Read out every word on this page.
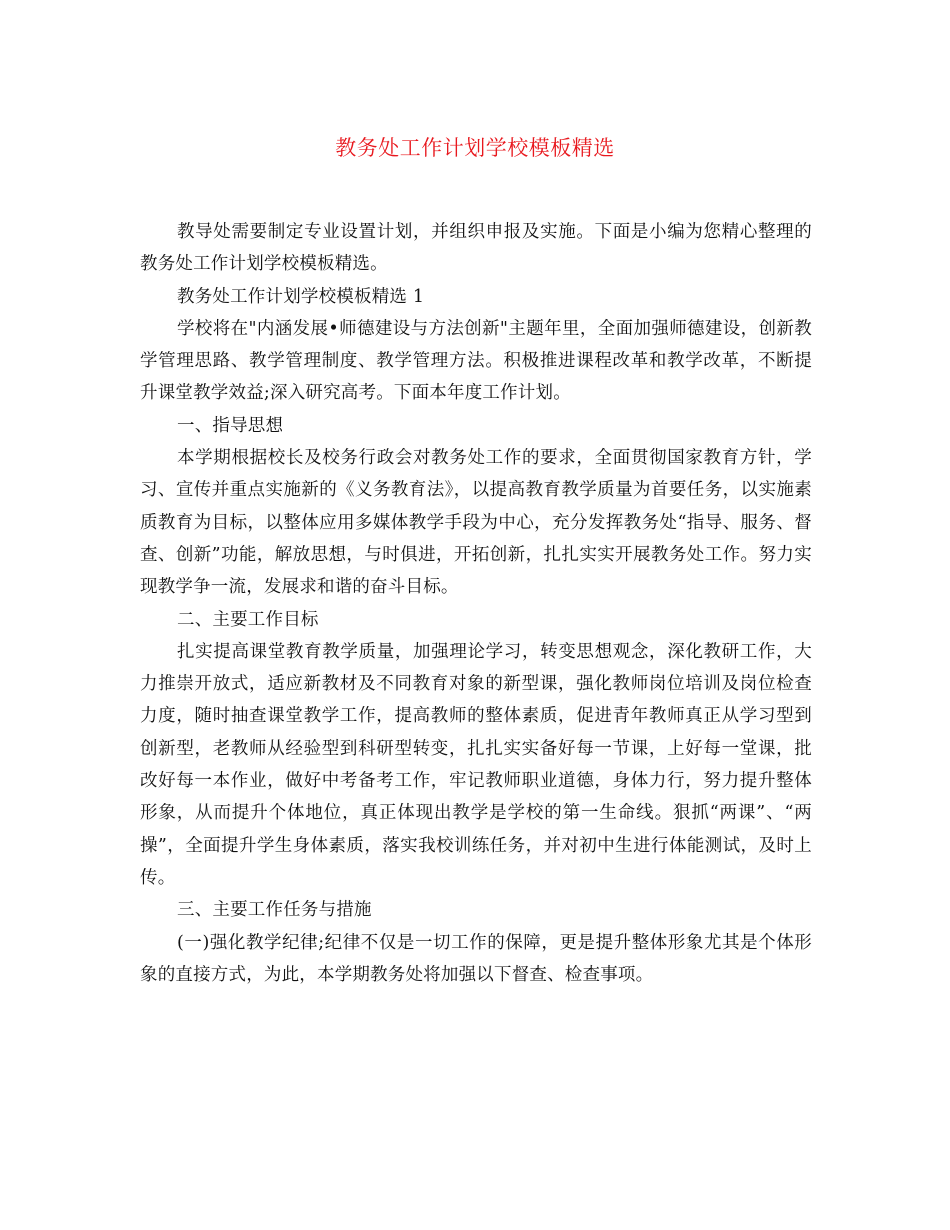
教务处工作计划学校模板精选

教导处需要制定专业设置计划，并组织申报及实施。下面是小编为您精心整理的教务处工作计划学校模板精选。

教务处工作计划学校模板精选 1

学校将在"内涵发展•师德建设与方法创新"主题年里，全面加强师德建设，创新教学管理思路、教学管理制度、教学管理方法。积极推进课程改革和教学改革，不断提升课堂教学效益;深入研究高考。下面本年度工作计划。

一、指导思想

本学期根据校长及校务行政会对教务处工作的要求，全面贯彻国家教育方针，学习、宣传并重点实施新的《义务教育法》，以提高教育教学质量为首要任务，以实施素质教育为目标，以整体应用多媒体教学手段为中心，充分发挥教务处“指导、服务、督查、创新”功能，解放思想，与时俱进，开拓创新，扎扎实实开展教务处工作。努力实现教学争一流，发展求和谐的奋斗目标。

二、主要工作目标

扎实提高课堂教育教学质量，加强理论学习，转变思想观念，深化教研工作，大力推崇开放式，适应新教材及不同教育对象的新型课，强化教师岗位培训及岗位检查力度，随时抽查课堂教学工作，提高教师的整体素质，促进青年教师真正从学习型到创新型，老教师从经验型到科研型转变，扎扎实实备好每一节课，上好每一堂课，批改好每一本作业，做好中考备考工作，牢记教师职业道德，身体力行，努力提升整体形象，从而提升个体地位，真正体现出教学是学校的第一生命线。狠抓“两课”、“两操”，全面提升学生身体素质，落实我校训练任务，并对初中生进行体能测试，及时上传。

三、主要工作任务与措施

(一)强化教学纪律;纪律不仅是一切工作的保障，更是提升整体形象尤其是个体形象的直接方式，为此，本学期教务处将加强以下督查、检查事项。
